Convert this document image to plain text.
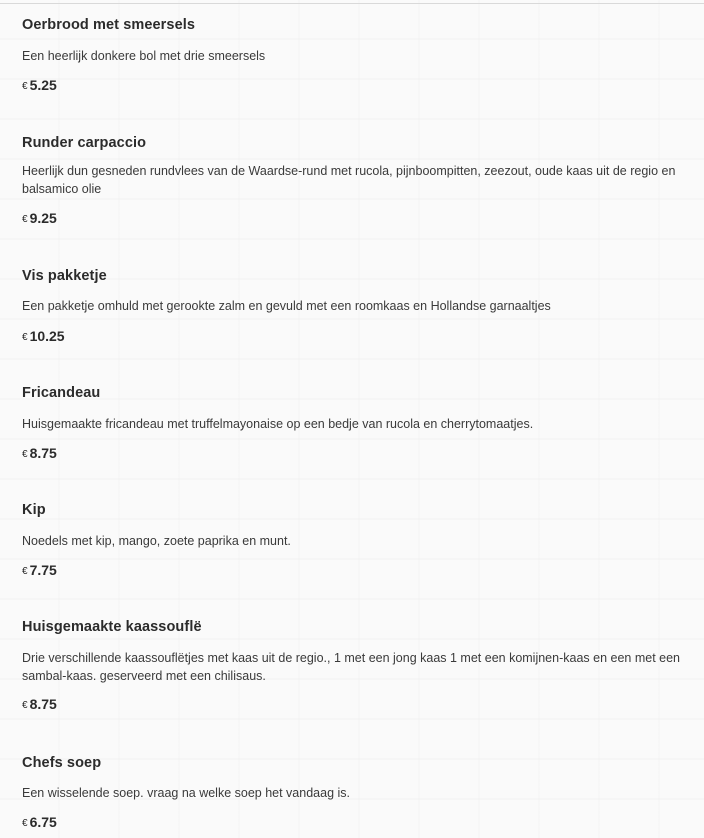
Oerbrood met smeersels
Een heerlijk donkere bol met drie smeersels
€ 5.25
Runder carpaccio
Heerlijk dun gesneden rundvlees van de Waardse-rund met rucola, pijnboompitten, zeezout, oude kaas uit de regio en balsamico olie
€ 9.25
Vis pakketje
Een pakketje omhuld met gerookte zalm en gevuld met een roomkaas en Hollandse garnaaltjes
€ 10.25
Fricandeau
Huisgemaakte fricandeau met truffelmayonaise op een bedje van rucola en cherrytomaatjes.
€ 8.75
Kip
Noedels met kip, mango, zoete paprika en munt.
€ 7.75
Huisgemaakte kaassouflë
Drie verschillende kaassouflëtjes met kaas uit de regio., 1 met een jong kaas 1 met een komijnen-kaas en een met een sambal-kaas. geserveerd met een chilisaus.
€ 8.75
Chefs soep
Een wisselende soep. vraag na welke soep het vandaag is.
€ 6.75
